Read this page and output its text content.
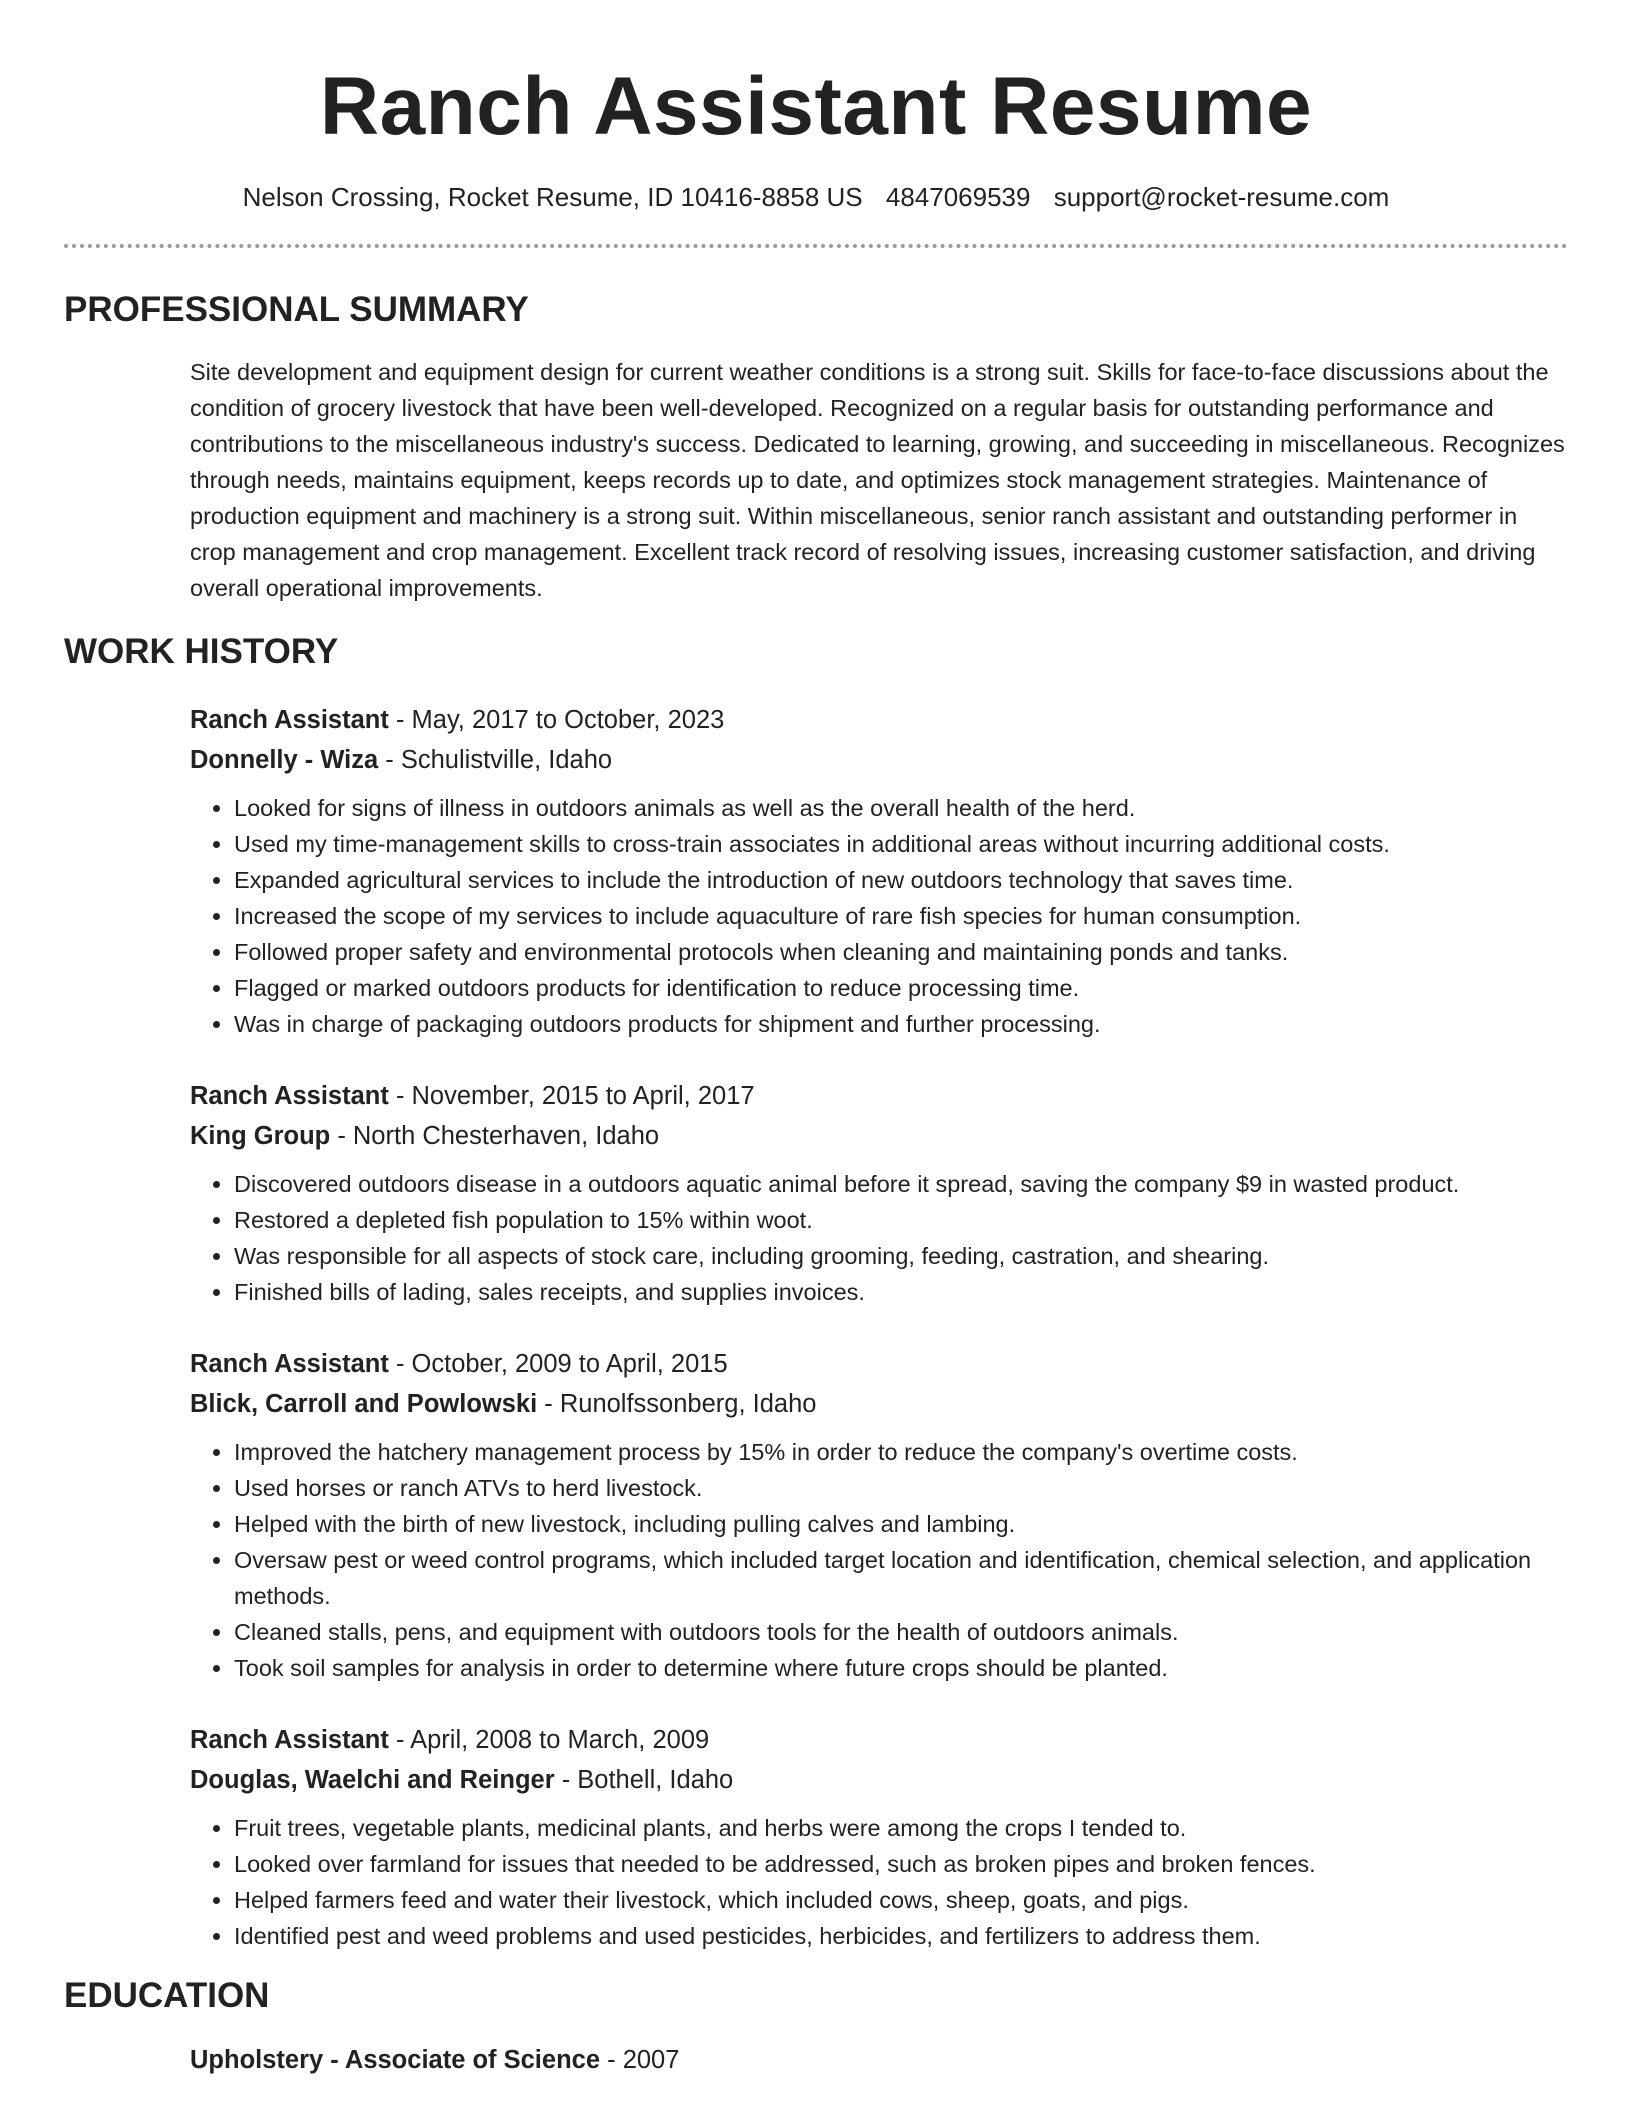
Ranch Assistant Resume
Nelson Crossing, Rocket Resume, ID 10416-8858 US 4847069539 support@rocket-resume.com
PROFESSIONAL SUMMARY

Site development and equipment design for current weather conditions is a strong suit. Skills for face-to-face discussions about the condition of grocery livestock that have been well-developed. Recognized on a regular basis for outstanding performance and contributions to the miscellaneous industry's success. Dedicated to learning, growing, and succeeding in miscellaneous. Recognizes through needs, maintains equipment, keeps records up to date, and optimizes stock management strategies. Maintenance of production equipment and machinery is a strong suit. Within miscellaneous, senior ranch assistant and outstanding performer in crop management and crop management. Excellent track record of resolving issues, increasing customer satisfaction, and driving overall operational improvements.

WORK HISTORY
Ranch Assistant - May, 2017 to October, 2023
Donnelly - Wiza - Schulistville, Idaho
• Looked for signs of illness in outdoors animals as well as the overall health of the herd.
• Used my time-management skills to cross-train associates in additional areas without incurring additional costs.
• Expanded agricultural services to include the introduction of new outdoors technology that saves time.
• Increased the scope of my services to include aquaculture of rare fish species for human consumption.
• Followed proper safety and environmental protocols when cleaning and maintaining ponds and tanks.
• Flagged or marked outdoors products for identification to reduce processing time.
• Was in charge of packaging outdoors products for shipment and further processing.
Ranch Assistant - November, 2015 to April, 2017
King Group - North Chesterhaven, Idaho
• Discovered outdoors disease in a outdoors aquatic animal before it spread, saving the company $9 in wasted product.
• Restored a depleted fish population to 15% within woot.
• Was responsible for all aspects of stock care, including grooming, feeding, castration, and shearing.
• Finished bills of lading, sales receipts, and supplies invoices.
Ranch Assistant - October, 2009 to April, 2015
Blick, Carroll and Powlowski - Runolfssonberg, Idaho
• Improved the hatchery management process by 15% in order to reduce the company's overtime costs.
• Used horses or ranch ATVs to herd livestock.
• Helped with the birth of new livestock, including pulling calves and lambing.
• Oversaw pest or weed control programs, which included target location and identification, chemical selection, and application methods.
• Cleaned stalls, pens, and equipment with outdoors tools for the health of outdoors animals.
• Took soil samples for analysis in order to determine where future crops should be planted.
Ranch Assistant - April, 2008 to March, 2009
Douglas, Waelchi and Reinger - Bothell, Idaho
• Fruit trees, vegetable plants, medicinal plants, and herbs were among the crops I tended to.
• Looked over farmland for issues that needed to be addressed, such as broken pipes and broken fences.
• Helped farmers feed and water their livestock, which included cows, sheep, goats, and pigs.
• Identified pest and weed problems and used pesticides, herbicides, and fertilizers to address them.
EDUCATION
Upholstery - Associate of Science - 2007
